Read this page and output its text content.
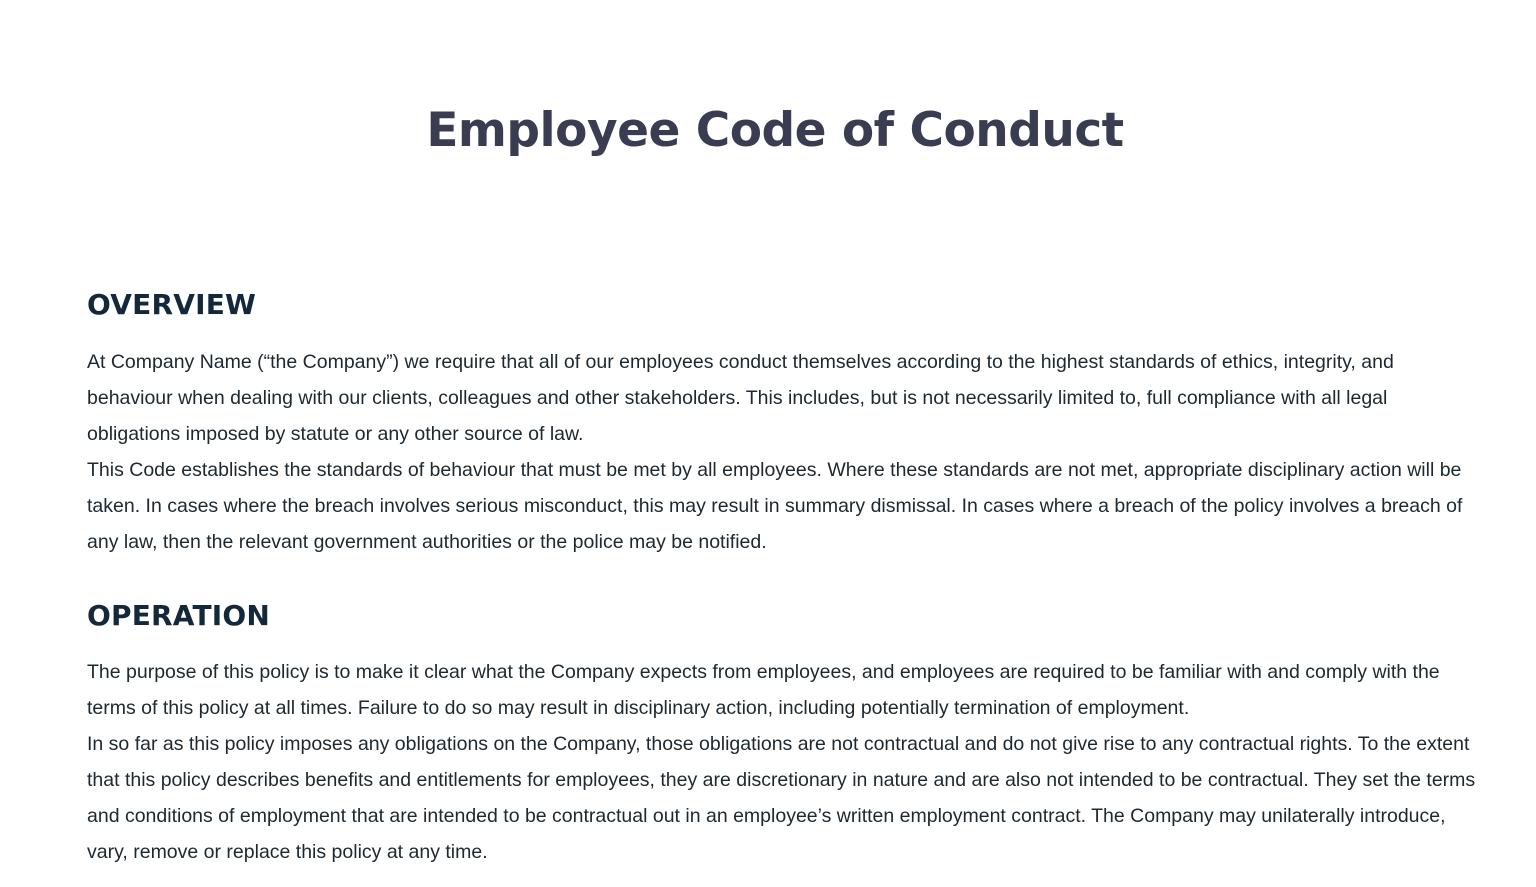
Employee Code of Conduct
OVERVIEW

At Company Name (“the Company”) we require that all of our employees conduct themselves according to the highest standards of ethics, integrity, and behaviour when dealing with our clients, colleagues and other stakeholders. This includes, but is not necessarily limited to, full compliance with all legal obligations imposed by statute or any other source of law.

This Code establishes the standards of behaviour that must be met by all employees. Where these standards are not met, appropriate disciplinary action will be taken. In cases where the breach involves serious misconduct, this may result in summary dismissal. In cases where a breach of the policy involves a breach of any law, then the relevant government authorities or the police may be notified.

OPERATION

The purpose of this policy is to make it clear what the Company expects from employees, and employees are required to be familiar with and comply with the terms of this policy at all times. Failure to do so may result in disciplinary action, including potentially termination of employment.

In so far as this policy imposes any obligations on the Company, those obligations are not contractual and do not give rise to any contractual rights. To the extent that this policy describes benefits and entitlements for employees, they are discretionary in nature and are also not intended to be contractual. They set the terms and conditions of employment that are intended to be contractual out in an employee’s written employment contract. The Company may unilaterally introduce, vary, remove or replace this policy at any time.
